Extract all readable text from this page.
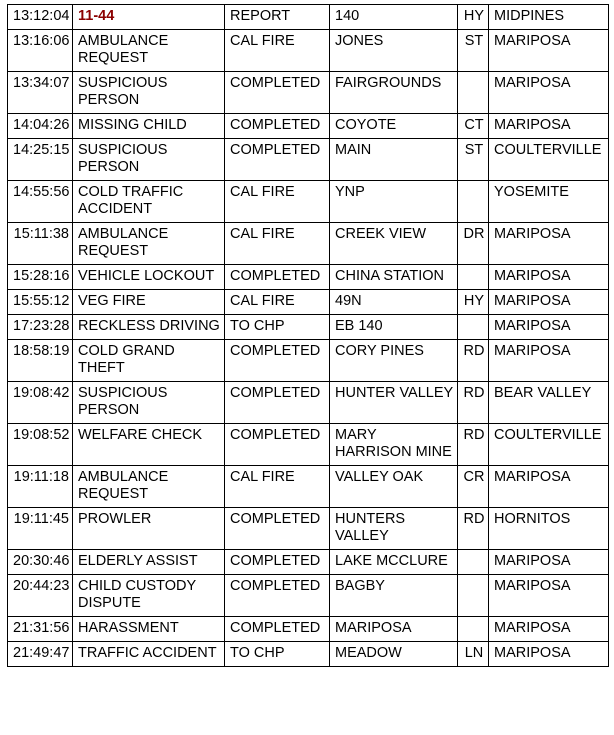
13:12:04	11-44	REPORT	140	HY	MIDPINES
13:16:06	AMBULANCE REQUEST	CAL FIRE	JONES	ST	MARIPOSA
13:34:07	SUSPICIOUS PERSON	COMPLETED	FAIRGROUNDS		MARIPOSA
14:04:26	MISSING CHILD	COMPLETED	COYOTE	CT	MARIPOSA
14:25:15	SUSPICIOUS PERSON	COMPLETED	MAIN	ST	COULTERVILLE
14:55:56	COLD TRAFFIC ACCIDENT	CAL FIRE	YNP		YOSEMITE
15:11:38	AMBULANCE REQUEST	CAL FIRE	CREEK VIEW	DR	MARIPOSA
15:28:16	VEHICLE LOCKOUT	COMPLETED	CHINA STATION		MARIPOSA
15:55:12	VEG FIRE	CAL FIRE	49N	HY	MARIPOSA
17:23:28	RECKLESS DRIVING	TO CHP	EB 140		MARIPOSA
18:58:19	COLD GRAND THEFT	COMPLETED	CORY PINES	RD	MARIPOSA
19:08:42	SUSPICIOUS PERSON	COMPLETED	HUNTER VALLEY	RD	BEAR VALLEY
19:08:52	WELFARE CHECK	COMPLETED	MARY HARRISON MINE	RD	COULTERVILLE
19:11:18	AMBULANCE REQUEST	CAL FIRE	VALLEY OAK	CR	MARIPOSA
19:11:45	PROWLER	COMPLETED	HUNTERS VALLEY	RD	HORNITOS
20:30:46	ELDERLY ASSIST	COMPLETED	LAKE MCCLURE		MARIPOSA
20:44:23	CHILD CUSTODY DISPUTE	COMPLETED	BAGBY		MARIPOSA
21:31:56	HARASSMENT	COMPLETED	MARIPOSA		MARIPOSA
21:49:47	TRAFFIC ACCIDENT	TO CHP	MEADOW	LN	MARIPOSA
